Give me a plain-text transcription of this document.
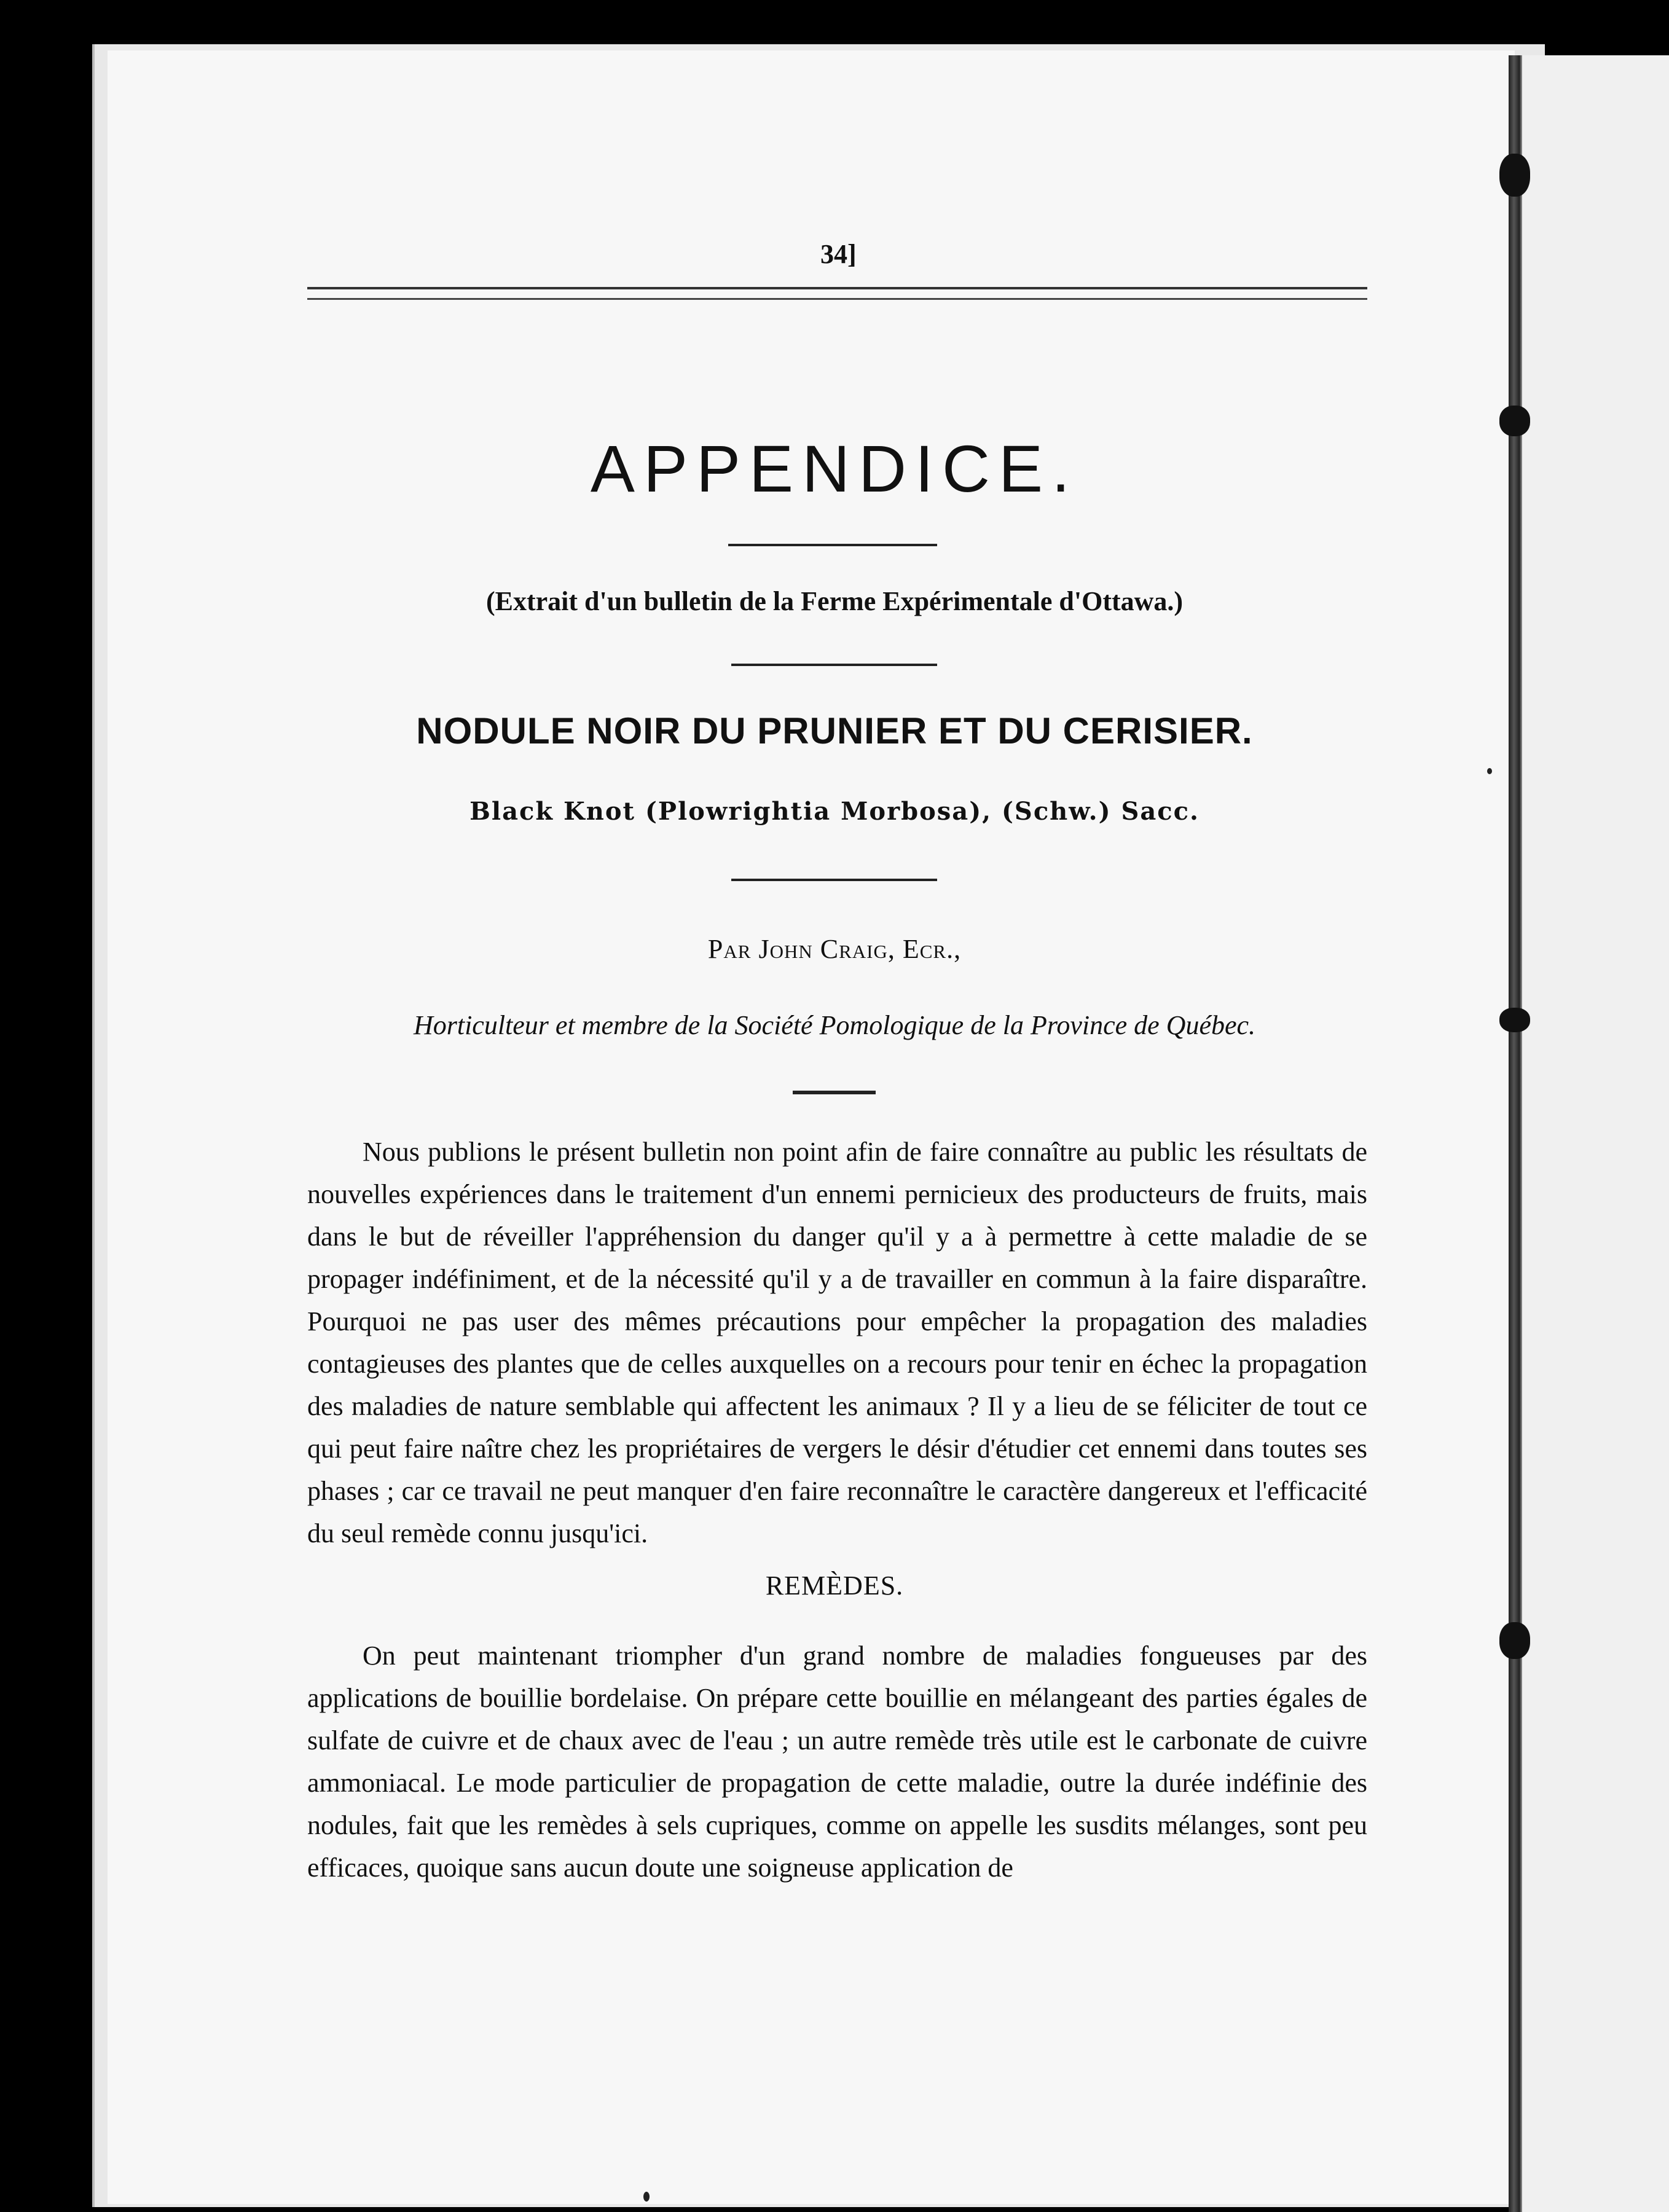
34]
APPENDICE.
(Extrait d'un bulletin de la Ferme Expérimentale d'Ottawa.)
NODULE NOIR DU PRUNIER ET DU CERISIER.
Black Knot (Plowrightia Morbosa), (Schw.) Sacc.
Par John Craig, Ecr.,
Horticulteur et membre de la Société Pomologique de la Province de Québec.

Nous publions le présent bulletin non point afin de faire connaître au public les résultats de nouvelles expériences dans le traitement d'un ennemi pernicieux des producteurs de fruits, mais dans le but de réveiller l'appréhension du danger qu'il y a à permettre à cette maladie de se propager indéfiniment, et de la nécessité qu'il y a de travailler en commun à la faire disparaître. Pourquoi ne pas user des mêmes précautions pour empêcher la propagation des maladies contagieuses des plantes que de celles auxquelles on a recours pour tenir en échec la propagation des maladies de nature semblable qui affectent les animaux ? Il y a lieu de se féliciter de tout ce qui peut faire naître chez les propriétaires de vergers le désir d'étudier cet ennemi dans toutes ses phases ; car ce travail ne peut manquer d'en faire reconnaître le caractère dangereux et l'efficacité du seul remède connu jusqu'ici.

REMÈDES.

On peut maintenant triompher d'un grand nombre de maladies fongueuses par des applications de bouillie bordelaise. On prépare cette bouillie en mélangeant des parties égales de sulfate de cuivre et de chaux avec de l'eau ; un autre remède très utile est le carbonate de cuivre ammoniacal. Le mode particulier de propagation de cette maladie, outre la durée indéfinie des nodules, fait que les remèdes à sels cupriques, comme on appelle les susdits mélanges, sont peu efficaces, quoique sans aucun doute une soigneuse application de
